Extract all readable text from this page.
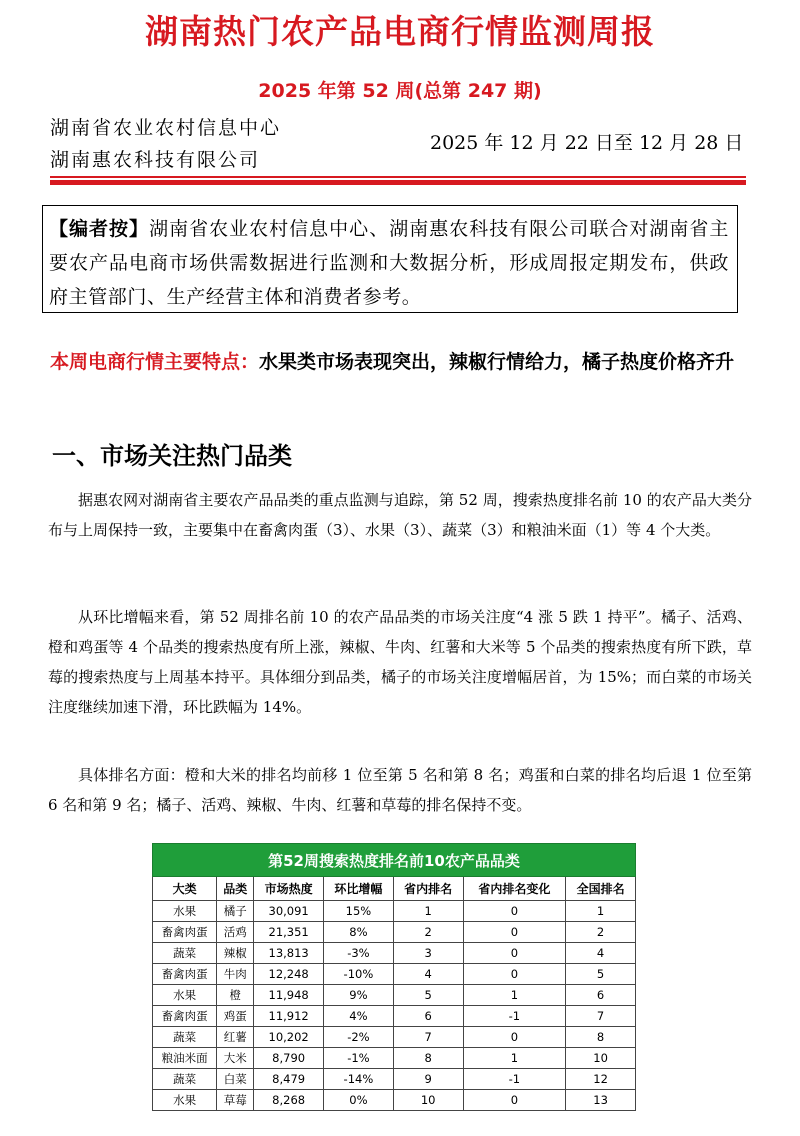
湖南热门农产品电商行情监测周报
2025 年第 52 周(总第 247 期)
湖南省农业农村信息中心
湖南惠农科技有限公司
2025 年 12 月 22 日至 12 月 28 日
【编者按】湖南省农业农村信息中心、湖南惠农科技有限公司联合对湖南省主要农产品电商市场供需数据进行监测和大数据分析，形成周报定期发布，供政府主管部门、生产经营主体和消费者参考。
本周电商行情主要特点：水果类市场表现突出，辣椒行情给力，橘子热度价格齐升
一、市场关注热门品类

据惠农网对湖南省主要农产品品类的重点监测与追踪，第 52 周，搜索热度排名前 10 的农产品大类分布与上周保持一致，主要集中在畜禽肉蛋（3）、水果（3）、蔬菜（3）和粮油米面（1）等 4 个大类。

从环比增幅来看，第 52 周排名前 10 的农产品品类的市场关注度“4 涨 5 跌 1 持平”。橘子、活鸡、橙和鸡蛋等 4 个品类的搜索热度有所上涨，辣椒、牛肉、红薯和大米等 5 个品类的搜索热度有所下跌，草莓的搜索热度与上周基本持平。具体细分到品类，橘子的市场关注度增幅居首，为 15%；而白菜的市场关注度继续加速下滑，环比跌幅为 14%。

具体排名方面：橙和大米的排名均前移 1 位至第 5 名和第 8 名；鸡蛋和白菜的排名均后退 1 位至第 6 名和第 9 名；橘子、活鸡、辣椒、牛肉、红薯和草莓的排名保持不变。

第52周搜索热度排名前10农产品品类						
大类	品类	市场热度	环比增幅	省内排名	省内排名变化	全国排名
水果	橘子	30,091	15%	1	0	1
畜禽肉蛋	活鸡	21,351	8%	2	0	2
蔬菜	辣椒	13,813	-3%	3	0	4
畜禽肉蛋	牛肉	12,248	-10%	4	0	5
水果	橙	11,948	9%	5	1	6
畜禽肉蛋	鸡蛋	11,912	4%	6	-1	7
蔬菜	红薯	10,202	-2%	7	0	8
粮油米面	大米	8,790	-1%	8	1	10
蔬菜	白菜	8,479	-14%	9	-1	12
水果	草莓	8,268	0%	10	0	13
